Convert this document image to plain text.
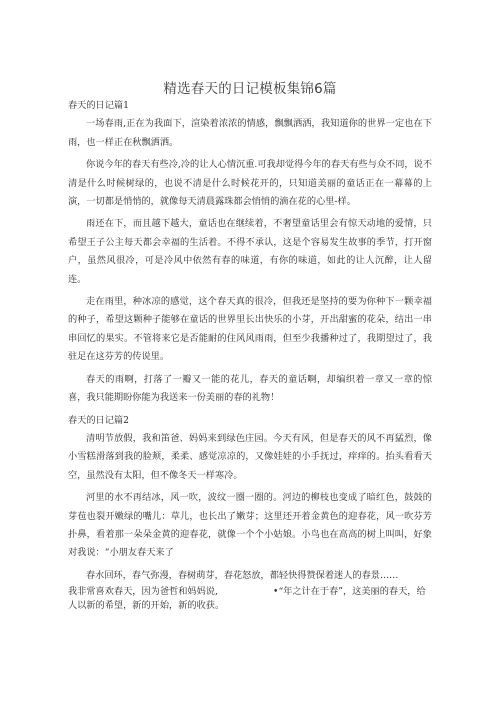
精选春天的日记模板集锦6篇

春天的日记篇1

一场春雨,正在为我面下，渲染着浓浓的情感，飘飘洒洒，我知道你的世界一定也在下雨，也一样正在秋飘洒洒。

你说今年的春天有些冷,冷的让人心情沉重.可我却觉得今年的春天有些与众不同，说不清是什么时候树绿的，也说不清是什么时候花开的，只知道美丽的童话正在一幕幕的上演，一切都是悄悄的，就像每天清晨露珠都会悄悄的滴在花的心里-样。

雨还在下，而且越下越大，童话也在继续着，不奢望童话里会有惊天动地的爱情，只希望王子公主每天都会幸福的生活着。不得不承认，这是个容易发生故事的季节，打开窗户，虽然风很冷，可是冷风中依然有春的味道，有你的味道，如此的让人沉醉，让人留连。

走在雨里，种冰凉的感觉，这个春天真的很冷，但我还是坚持的要为你种下一颗幸福的种子，希望这颗种子能够在童话的世界里长出快乐的小芽，开出甜蜜的花朵，结出一串串回忆的果实。不管将来它是否能耐的住风风雨雨，但至少我播种过了，我期望过了，我驻足在这芬芳的传说里。

春天的雨啊，打落了一瓣又一能的花儿，春天的童话啊，却编织着一章又一章的惊喜，我只能期盼你能为我送来一份美丽的春的礼物！

春天的日记篇2

清明节放假，我和笛爸、妈妈来到绿色庄园。今天有风，但是春天的风不再猛烈，像小雪糕滑落到我的脸颊，柔柔、感觉凉凉的，又像娃娃的小手抚过，痒痒的。抬头看看天空，虽然没有太阳，但不像冬天一样寒冷。

河里的水不再结冰，风一吹，波纹一圈一圈的。河边的柳枝也变成了暗红色，鼓鼓的芽苞也裂开嫩绿的嘴儿：草儿，也长出了嫩芽；这里还开着金黄色的迎春花，风一吹芬芳扑鼻，看着那一朵朵金黄的迎春花，就像一个个小姑娘。小鸟也在高高的树上叫叫，好象对我说：“小朋友春天来了

春水回环，春气弥漫，春树萌芽，春花怒放，都轻快得赞保着迷人的春景……

我非常喜欢春天，因为爸哲和妈妈说,　　　　　　•“年之计在于春”，这美丽的春天，给人以新的希望，新的开始，新的收获。
